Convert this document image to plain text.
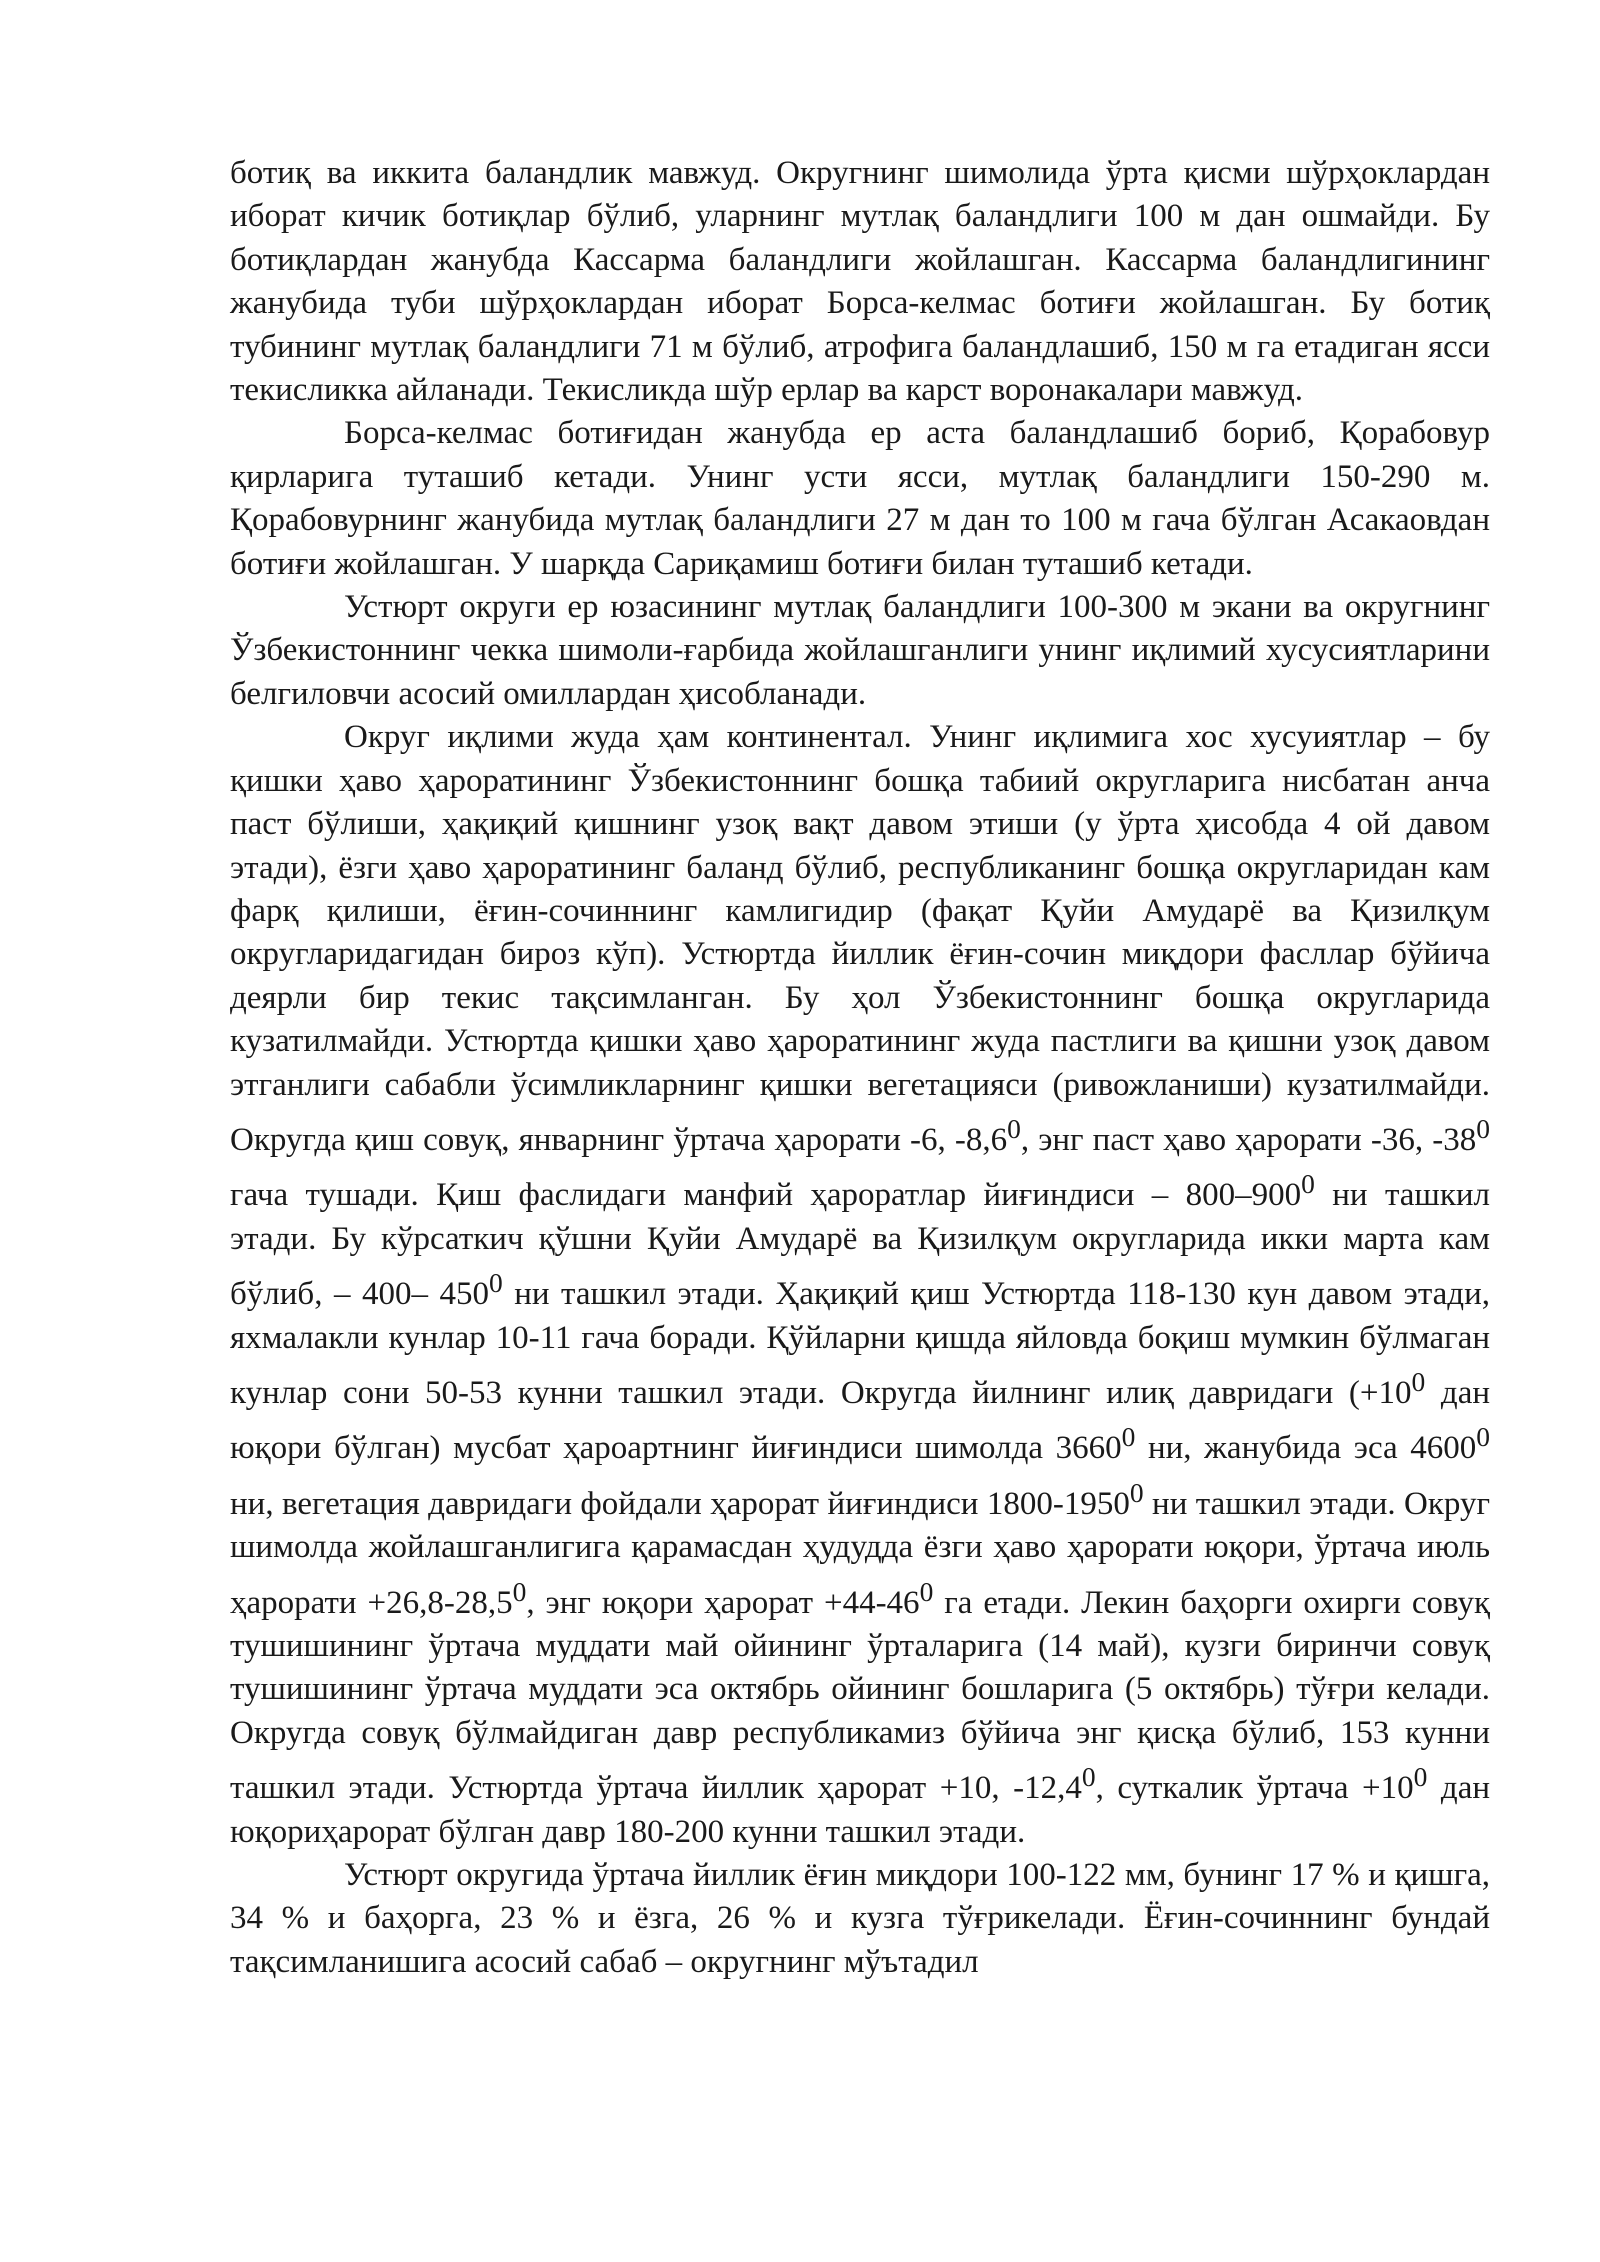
ботиқ ва иккита баландлик мавжуд. Округнинг шимолида ўрта қисми шўрҳоклардан иборат кичик ботиқлар бўлиб, уларнинг мутлақ баландлиги 100 м дан ошмайди. Бу ботиқлардан жанубда Кассарма баландлиги жойлашган. Кассарма баландлигининг жанубида туби шўрҳоклардан иборат Борса-келмас ботиғи жойлашган. Бу ботиқ тубининг мутлақ баландлиги 71 м бўлиб, атрофига баландлашиб, 150 м га етадиган ясси текисликка айланади. Текисликда шўр ерлар ва карст воронакалари мавжуд.

Борса-келмас ботиғидан жанубда ер аста баландлашиб бориб, Қорабовур қирларига туташиб кетади. Унинг усти ясси, мутлақ баландлиги 150-290 м. Қорабовурнинг жанубида мутлақ баландлиги 27 м дан то 100 м гача бўлган Асакаовдан ботиғи жойлашган. У шарқда Сариқамиш ботиғи билан туташиб кетади.

Устюрт округи ер юзасининг мутлақ баландлиги 100-300 м экани ва округнинг Ўзбекистоннинг чекка шимоли-ғарбида жойлашганлиги унинг иқлимий хусусиятларини белгиловчи асосий омиллардан ҳисобланади.

Округ иқлими жуда ҳам континентал. Унинг иқлимига хос хусуиятлар – бу қишки ҳаво ҳароратининг Ўзбекистоннинг бошқа табиий округларига нисбатан анча паст бўлиши, ҳақиқий қишнинг узоқ вақт давом этиши (у ўрта ҳисобда 4 ой давом этади), ёзги ҳаво ҳароратининг баланд бўлиб, республиканинг бошқа округларидан кам фарқ қилиши, ёғин-сочиннинг камлигидир (фақат Қуйи Амударё ва Қизилқум округларидагидан бироз кўп). Устюртда йиллик ёғин-сочин миқдори фасллар бўйича деярли бир текис тақсимланган. Бу ҳол Ўзбекистоннинг бошқа округларида кузатилмайди. Устюртда қишки ҳаво ҳароратининг жуда пастлиги ва қишни узоқ давом этганлиги сабабли ўсимликларнинг қишки вегетацияси (ривожланиши) кузатилмайди. Округда қиш совуқ, январнинг ўртача ҳарорати -6, $-8,6^0$, энг паст ҳаво ҳарорати -36, $-38^0$ гача тушади. Қиш фаслидаги манфий ҳароратлар йиғиндиси – $800-900^0$ ни ташкил этади. Бу кўрсаткич қўшни Қуйи Амударё ва Қизилқум округларида икки марта кам бўлиб, – 400– $450^0$ ни ташкил этади. Ҳақиқий қиш Устюртда 118-130 кун давом этади, яхмалакли кунлар 10-11 гача боради. Қўйларни қишда яйловда боқиш мумкин бўлмаган кунлар сони 50-53 кунни ташкил этади. Округда йилнинг илиқ давридаги ($+10^0$ дан юқори бўлган) мусбат ҳароартнинг йиғиндиси шимолда 3660$^0$ ни, жанубида эса 4600$^0$ ни, вегетация давридаги фойдали ҳарорат йиғиндиси 1800-1950$^0$ ни ташкил этади. Округ шимолда жойлашганлигига қарамасдан ҳудудда ёзги ҳаво ҳарорати юқори, ўртача июль ҳарорати $+26,8-28,5^0$, энг юқори ҳарорат $+44-46^0$ га етади. Лекин баҳорги охирги совуқ тушишининг ўртача муддати май ойининг ўрталарига (14 май), кузги биринчи совуқ тушишининг ўртача муддати эса октябрь ойининг бошларига (5 октябрь) тўғри келади. Округда совуқ бўлмайдиган давр республикамиз бўйича энг қисқа бўлиб, 153 кунни ташкил этади. Устюртда ўртача йиллик ҳарорат +10, -12,4$^0$, суткалик ўртача $+10^0$ дан юқориҳарорат бўлган давр 180-200 кунни ташкил этади.

Устюрт округида ўртача йиллик ёғин миқдори 100-122 мм, бунинг 17 % и қишга, 34 % и баҳорга, 23 % и ёзга, 26 % и кузга тўғрикелади. Ёғин-сочиннинг бундай тақсимланишига асосий сабаб – округнинг мўътадил
